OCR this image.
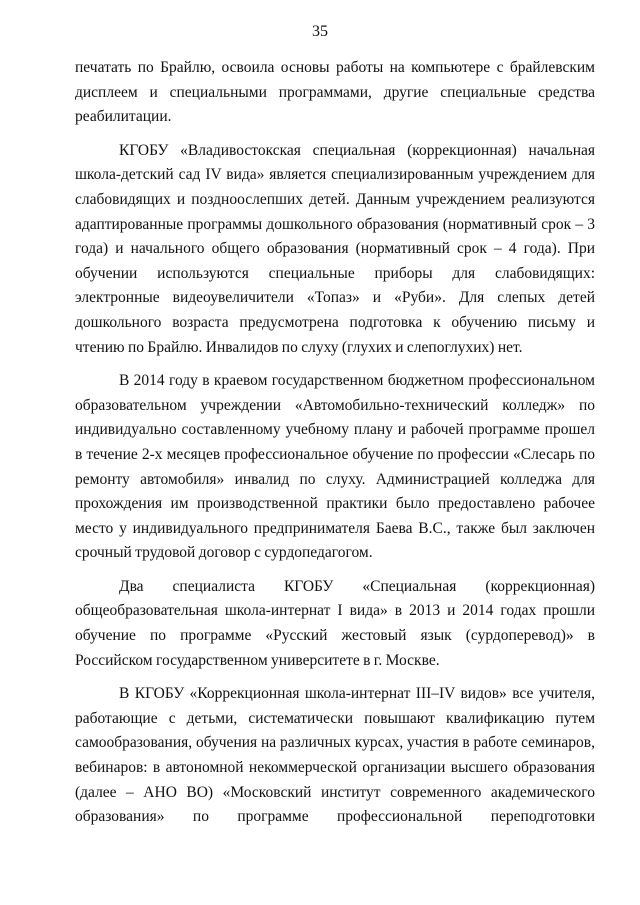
35

печатать по Брайлю, освоила основы работы на компьютере с брайлевским дисплеем и специальными программами, другие специальные средства реабилитации.

КГОБУ «Владивостокская специальная (коррекционная) начальная школа-детский сад IV вида» является специализированным учреждением для слабовидящих и поздноослепших детей. Данным учреждением реализуются адаптированные программы дошкольного образования (нормативный срок – 3 года) и начального общего образования (нормативный срок – 4 года). При обучении используются специальные приборы для слабовидящих: электронные видеоувеличители «Топаз» и «Руби». Для слепых детей дошкольного возраста предусмотрена подготовка к обучению письму и чтению по Брайлю. Инвалидов по слуху (глухих и слепоглухих) нет.

В 2014 году в краевом государственном бюджетном профессиональном образовательном учреждении «Автомобильно-технический колледж» по индивидуально составленному учебному плану и рабочей программе прошел в течение 2-х месяцев профессиональное обучение по профессии «Слесарь по ремонту автомобиля» инвалид по слуху. Администрацией колледжа для прохождения им производственной практики было предоставлено рабочее место у индивидуального предпринимателя Баева В.С., также был заключен срочный трудовой договор с сурдопедагогом.

Два специалиста КГОБУ «Специальная (коррекционная) общеобразовательная школа-интернат I вида» в 2013 и 2014 годах прошли обучение по программе «Русский жестовый язык (сурдоперевод)» в Российском государственном университете в г. Москве.

В КГОБУ «Коррекционная школа-интернат III–IV видов» все учителя, работающие с детьми, систематически повышают квалификацию путем самообразования, обучения на различных курсах, участия в работе семинаров, вебинаров: в автономной некоммерческой организации высшего образования (далее – АНО ВО) «Московский институт современного академического образования» по программе профессиональной переподготовки
